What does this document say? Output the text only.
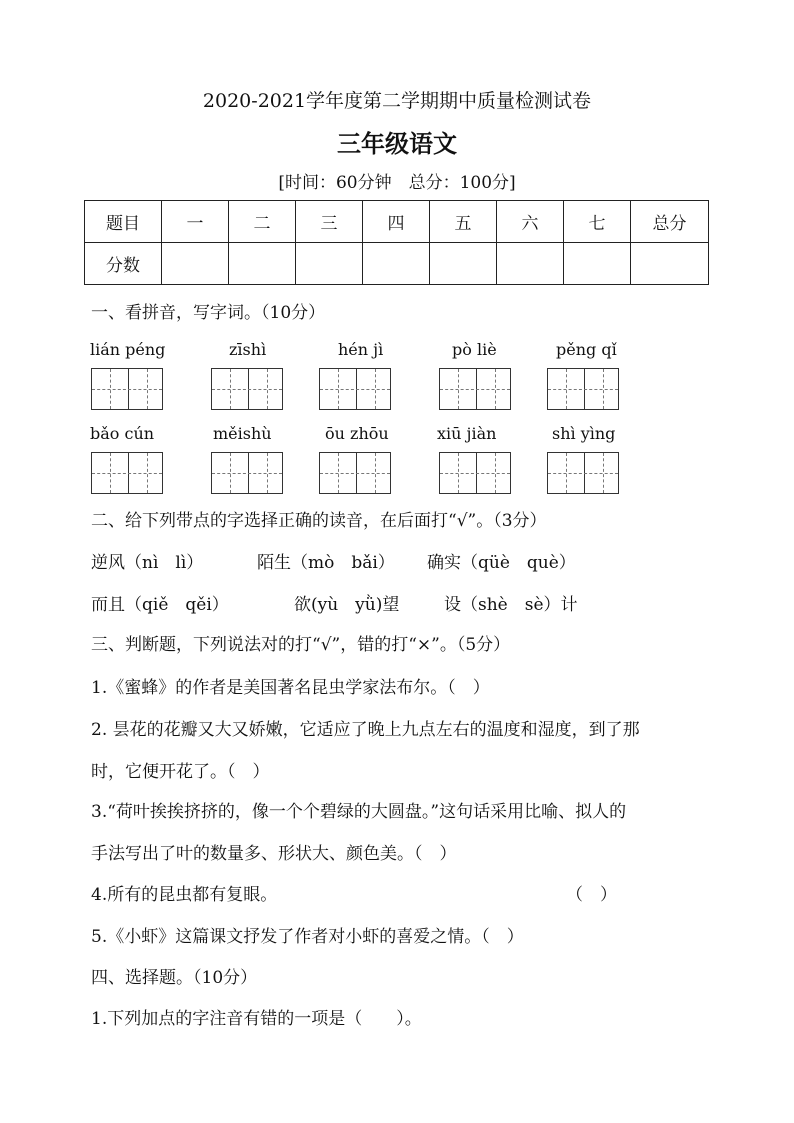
2020-2021学年度第二学期期中质量检测试卷
三年级语文
[时间：60分钟　总分：100分]
题目	一	二	三	四	五	六	七	总分
分数								
一、看拼音，写字词。（10分）
lián péng	zīshì	hén jì	pò liè	pěng qǐ
bǎo cún	měishù	ōu zhōu	xiū jiàn	shì yìng
二、给下列带点的字选择正确的读音，在后面打“√”。（3分）
逆风（nì　lì）	陌生（mò　bǎi） 确实（qüè　què）
而且（qiě　qěi）	欲(yù　yǜ)望	设（shè　sè）计
三、判断题，下列说法对的打“√”，错的打“×”。（5分）
1.《蜜蜂》的作者是美国著名昆虫学家法布尔。（　）
2. 昙花的花瓣又大又娇嫩，它适应了晚上九点左右的温度和湿度，到了那
时，它便开花了。（　）
3.“荷叶挨挨挤挤的，像一个个碧绿的大圆盘。”这句话采用比喻、拟人的
手法写出了叶的数量多、形状大、颜色美。（　）
4.所有的昆虫都有复眼。	（　）
5.《小虾》这篇课文抒发了作者对小虾的喜爱之情。（　）
四、选择题。（10分）
1.下列加点的字注音有错的一项是（　　）。
